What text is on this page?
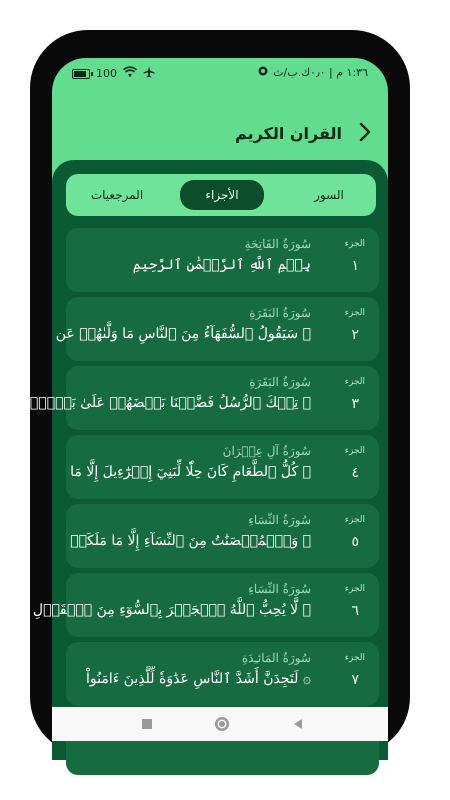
100	١:٣٦ م | ٠٫٠ك.ب/ث
القران الكريم
السور
الأجزاء
المرجعيات
الجزء
١
سُورَةُ الفَاتِحَةِ
بِسۡمِ ٱللَّهِ ٱلرَّحۡمَٰنِ ٱلرَّحِيمِ
الجزء
٢
سُورَةُ البَقَرَةِ
۞ سَيَقُولُ ٱلسُّفَهَآءُ مِنَ ٱلنَّاسِ مَا وَلَّىٰهُمۡ عَن
الجزء
٣
سُورَةُ البَقَرَةِ
۞ تِلۡكَ ٱلرُّسُلُ فَضَّلۡنَا بَعۡضَهُمۡ عَلَىٰ بَعۡضٖۘ
الجزء
٤
سُورَةُ آلِ عِمۡرَانَ
۞ كُلُّ ٱلطَّعَامِ كَانَ حِلّٗا لِّبَنِيٓ إِسۡرَٰٓءِيلَ إِلَّا مَا
الجزء
٥
سُورَةُ النِّسَاءِ
۞ وَٱلۡمُحۡصَنَٰتُ مِنَ ٱلنِّسَآءِ إِلَّا مَا مَلَكَتۡ
الجزء
٦
سُورَةُ النِّسَاءِ
۞ لَّا يُحِبُّ ٱللَّهُ ٱلۡجَهۡرَ بِٱلسُّوٓءِ مِنَ ٱلۡقَوۡلِ إِلَّا
الجزء
٧
سُورَةُ المَائـِدَةِ
۞ لَتَجِدَنَّ أَشَدَّ ٱلنَّاسِ عَدَٰوَةٗ لِّلَّذِينَ ءَامَنُواْ
